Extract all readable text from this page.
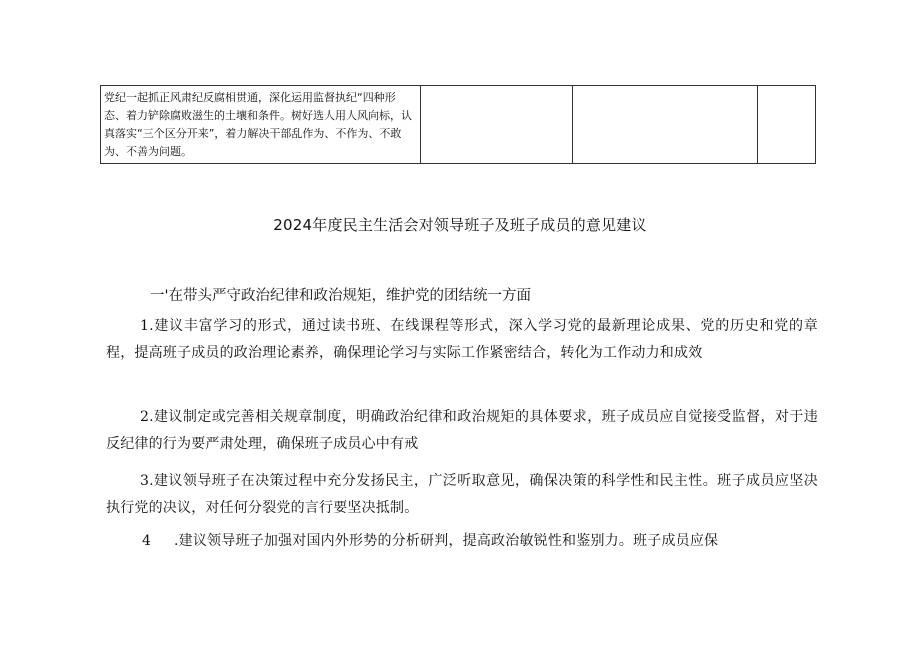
党纪一起抓正风肃纪反腐相贯通，深化运用监督执纪“四种形态、着力铲除腐败滋生的土壤和条件。树好选人用人风向标，认真落实“三个区分开来”，着力解决干部乱作为、不作为、不敢为、不善为问题。

2024年度民主生活会对领导班子及班子成员的意见建议
一'在带头严守政治纪律和政治规矩，维护党的团结统一方面

1.建议丰富学习的形式，通过读书班、在线课程等形式，深入学习党的最新理论成果、党的历史和党的章程，提高班子成员的政治理论素养，确保理论学习与实际工作紧密结合，转化为工作动力和成效

2.建议制定或完善相关规章制度，明确政治纪律和政治规矩的具体要求，班子成员应自觉接受监督，对于违反纪律的行为要严肃处理，确保班子成员心中有戒

3.建议领导班子在决策过程中充分发扬民主，广泛听取意见，确保决策的科学性和民主性。班子成员应坚决执行党的决议，对任何分裂党的言行要坚决抵制。

4 .建议领导班子加强对国内外形势的分析研判，提高政治敏锐性和鉴别力。班子成员应保
